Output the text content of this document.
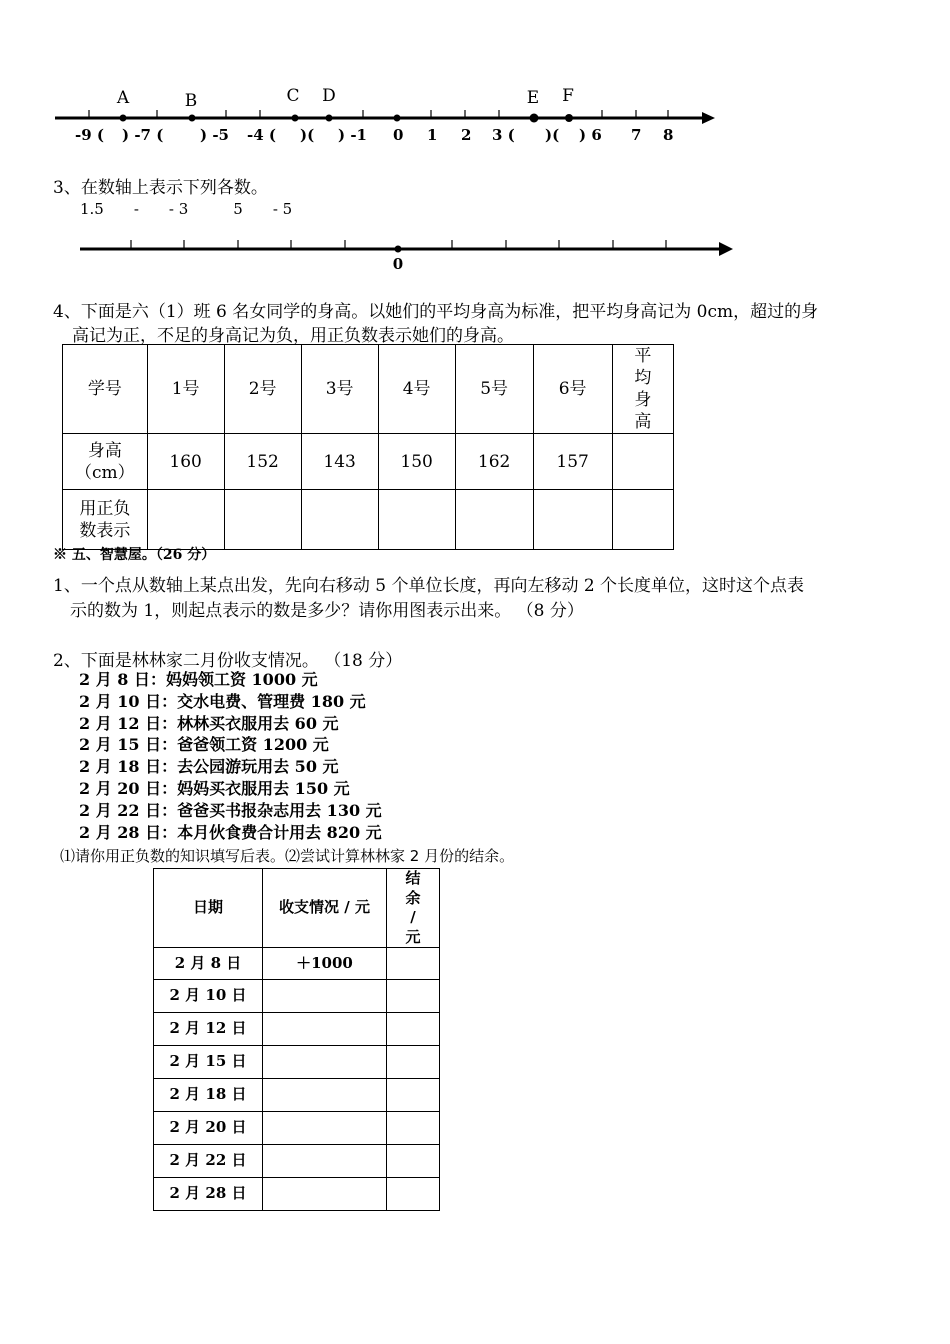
A	B	C D	E F
-9 ( ) -7 ( ) -5 -4 ( )( ) -1 0 1 2 3 ( )( ) 6 7 8
3、在数轴上表示下列各数。
1.5　　-　　- 3　　　5　　- 5
0
4、下面是六（1）班 6 名女同学的身高。以她们的平均身高为标准，把平均身高记为 0cm，超过的身
高记为正，不足的身高记为负，用正负数表示她们的身高。
学号	1号	2号	3号	4号	5号	6号	平均身高
身高（cm）	160	152	143	150	162	157	
用正负数表示							
※ 五、智慧屋。（26 分）
1、一个点从数轴上某点出发，先向右移动 5 个单位长度，再向左移动 2 个长度单位，这时这个点表
示的数为 1，则起点表示的数是多少？请你用图表示出来。 （8 分）
2、下面是林林家二月份收支情况。 （18 分）
2 月 8 日：妈妈领工资 1000 元
2 月 10 日：交水电费、管理费 180 元
2 月 12 日：林林买衣服用去 60 元
2 月 15 日：爸爸领工资 1200 元
2 月 18 日：去公园游玩用去 50 元
2 月 20 日：妈妈买衣服用去 150 元
2 月 22 日：爸爸买书报杂志用去 130 元
2 月 28 日：本月伙食费合计用去 820 元
⑴请你用正负数的知识填写后表。⑵尝试计算林林家 2 月份的结余。
日期	收支情况 / 元	结余 / 元
2 月 8 日	＋1000	
2 月 10 日		
2 月 12 日		
2 月 15 日		
2 月 18 日		
2 月 20 日		
2 月 22 日		
2 月 28 日		
